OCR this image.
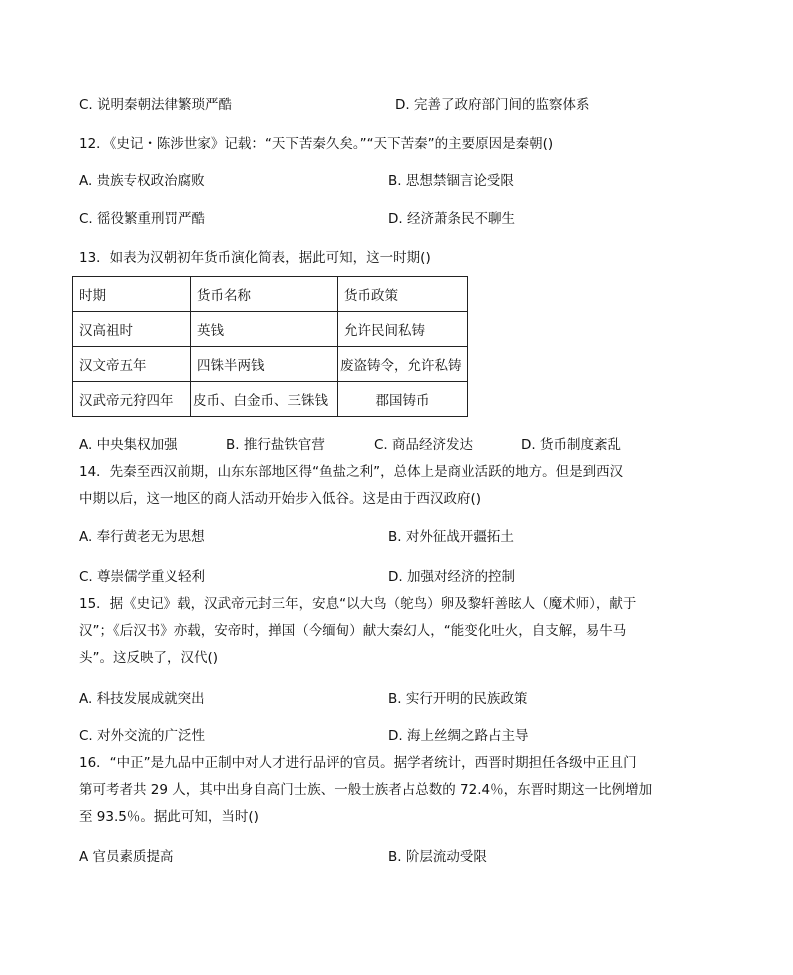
C. 说明秦朝法律繁琐严酷	D. 完善了政府部门间的监察体系
12．《史记・陈涉世家》记载：“天下苦秦久矣。”“天下苦秦”的主要原因是秦朝()
A. 贵族专权政治腐败	B. 思想禁锢言论受限
C. 徭役繁重刑罚严酷	D. 经济萧条民不聊生
13．如表为汉朝初年货币演化简表，据此可知，这一时期()
时期	货币名称	货币政策
汉高祖时	英钱	允许民间私铸
汉文帝五年	四铢半两钱	废盗铸令，允许私铸
汉武帝元狩四年	皮币、白金币、三铢钱	郡国铸币
A. 中央集权加强	B. 推行盐铁官营	C. 商品经济发达	D. 货币制度紊乱
14．先秦至西汉前期，山东东部地区得“鱼盐之利”，总体上是商业活跃的地方。但是到西汉
中期以后，这一地区的商人活动开始步入低谷。这是由于西汉政府()
A. 奉行黄老无为思想	B. 对外征战开疆拓土
C. 尊崇儒学重义轻利	D. 加强对经济的控制
15．据《史记》载，汉武帝元封三年，安息“以大鸟（鸵鸟）卵及黎轩善眩人（魔术师），献于
汉”；《后汉书》亦载，安帝时，掸国（今缅甸）献大秦幻人，“能变化吐火，自支解，易牛马
头”。这反映了，汉代()
A. 科技发展成就突出	B. 实行开明的民族政策
C. 对外交流的广泛性	D. 海上丝绸之路占主导
16．“中正”是九品中正制中对人才进行品评的官员。据学者统计，西晋时期担任各级中正且门
第可考者共 29 人，其中出身自高门士族、一般士族者占总数的 72.4％，东晋时期这一比例增加
至 93.5％。据此可知，当时()
A 官员素质提高	B. 阶层流动受限
